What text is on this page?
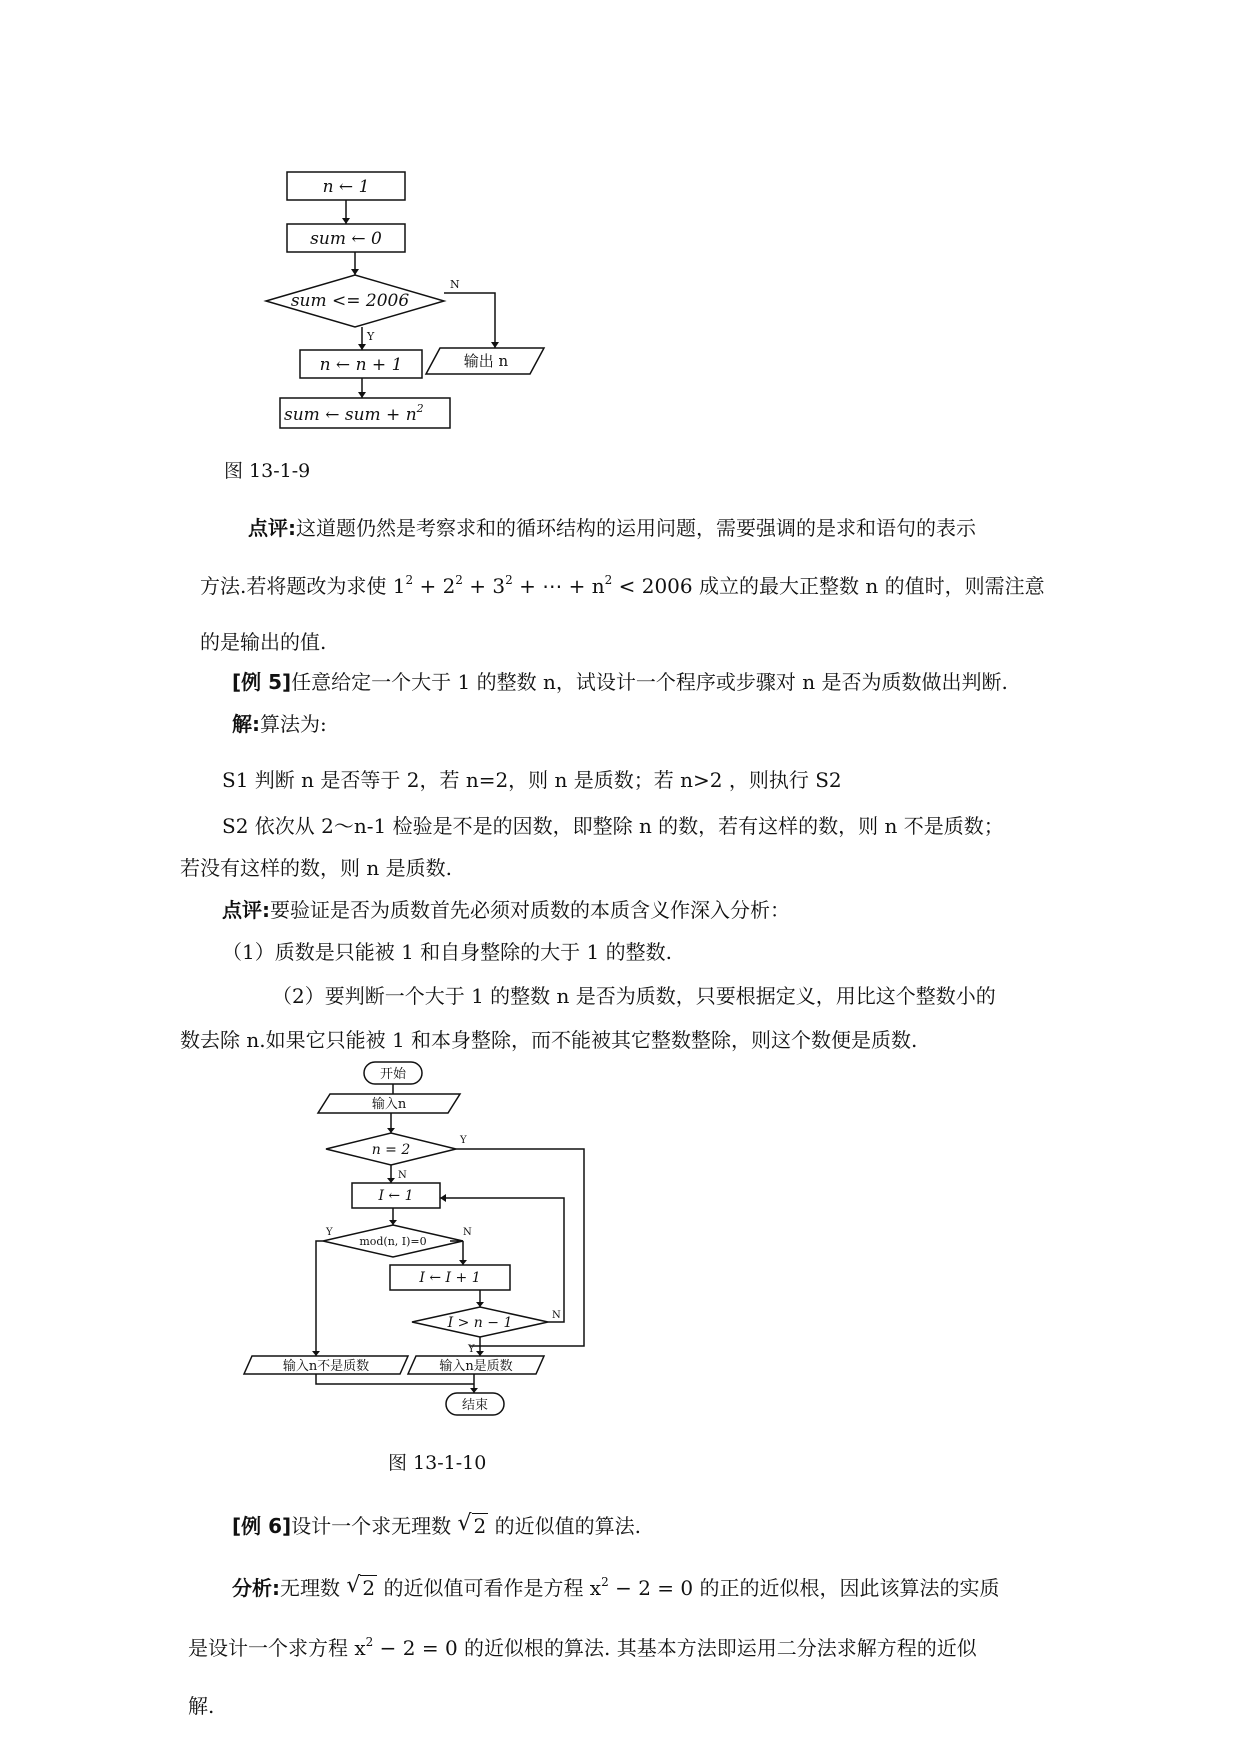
n ← 1
sum ← 0
sum <= 2006
N
Y
n ← n + 1
sum ← sum + $n^2$
输出 n
图 13-1-9
点评:这道题仍然是考察求和的循环结构的运用问题，需要强调的是求和语句的表示
方法.若将题改为求使 $1^2 + 2^2 + 3^2$ + ⋯ + $n^2 < 2006$ 成立的最大正整数 n 的值时，则需注意
的是输出的值.
[例 5]任意给定一个大于 1 的整数 n，试设计一个程序或步骤对 n 是否为质数做出判断.
解:算法为:
S1 判断 n 是否等于 2，若 n=2，则 n 是质数；若 n>2 ，则执行 S2
S2 依次从 2～n-1 检验是不是的因数，即整除 n 的数，若有这样的数，则 n 不是质数；
若没有这样的数，则 n 是质数.
点评:要验证是否为质数首先必须对质数的本质含义作深入分析：
（1）质数是只能被 1 和自身整除的大于 1 的整数.
（2）要判断一个大于 1 的整数 n 是否为质数，只要根据定义，用比这个整数小的
数去除 n.如果它只能被 1 和本身整除，而不能被其它整数整除，则这个数便是质数.
开始
输入n
n = 2
Y
N
I ← 1
mod(n, I)=0
Y	N
I ← I + 1
I > n − 1	N
Y
输入n不是质数	输入n是质数
结束
图 13-1-10
[例 6]设计一个求无理数 √ 2 的近似值的算法.
分析:无理数 √ 2 的近似值可看作是方程 $x^2 - 2 = 0$ 的正的近似根，因此该算法的实质
是设计一个求方程 $x^2 - 2 = 0$ 的近似根的算法. 其基本方法即运用二分法求解方程的近似
解.
